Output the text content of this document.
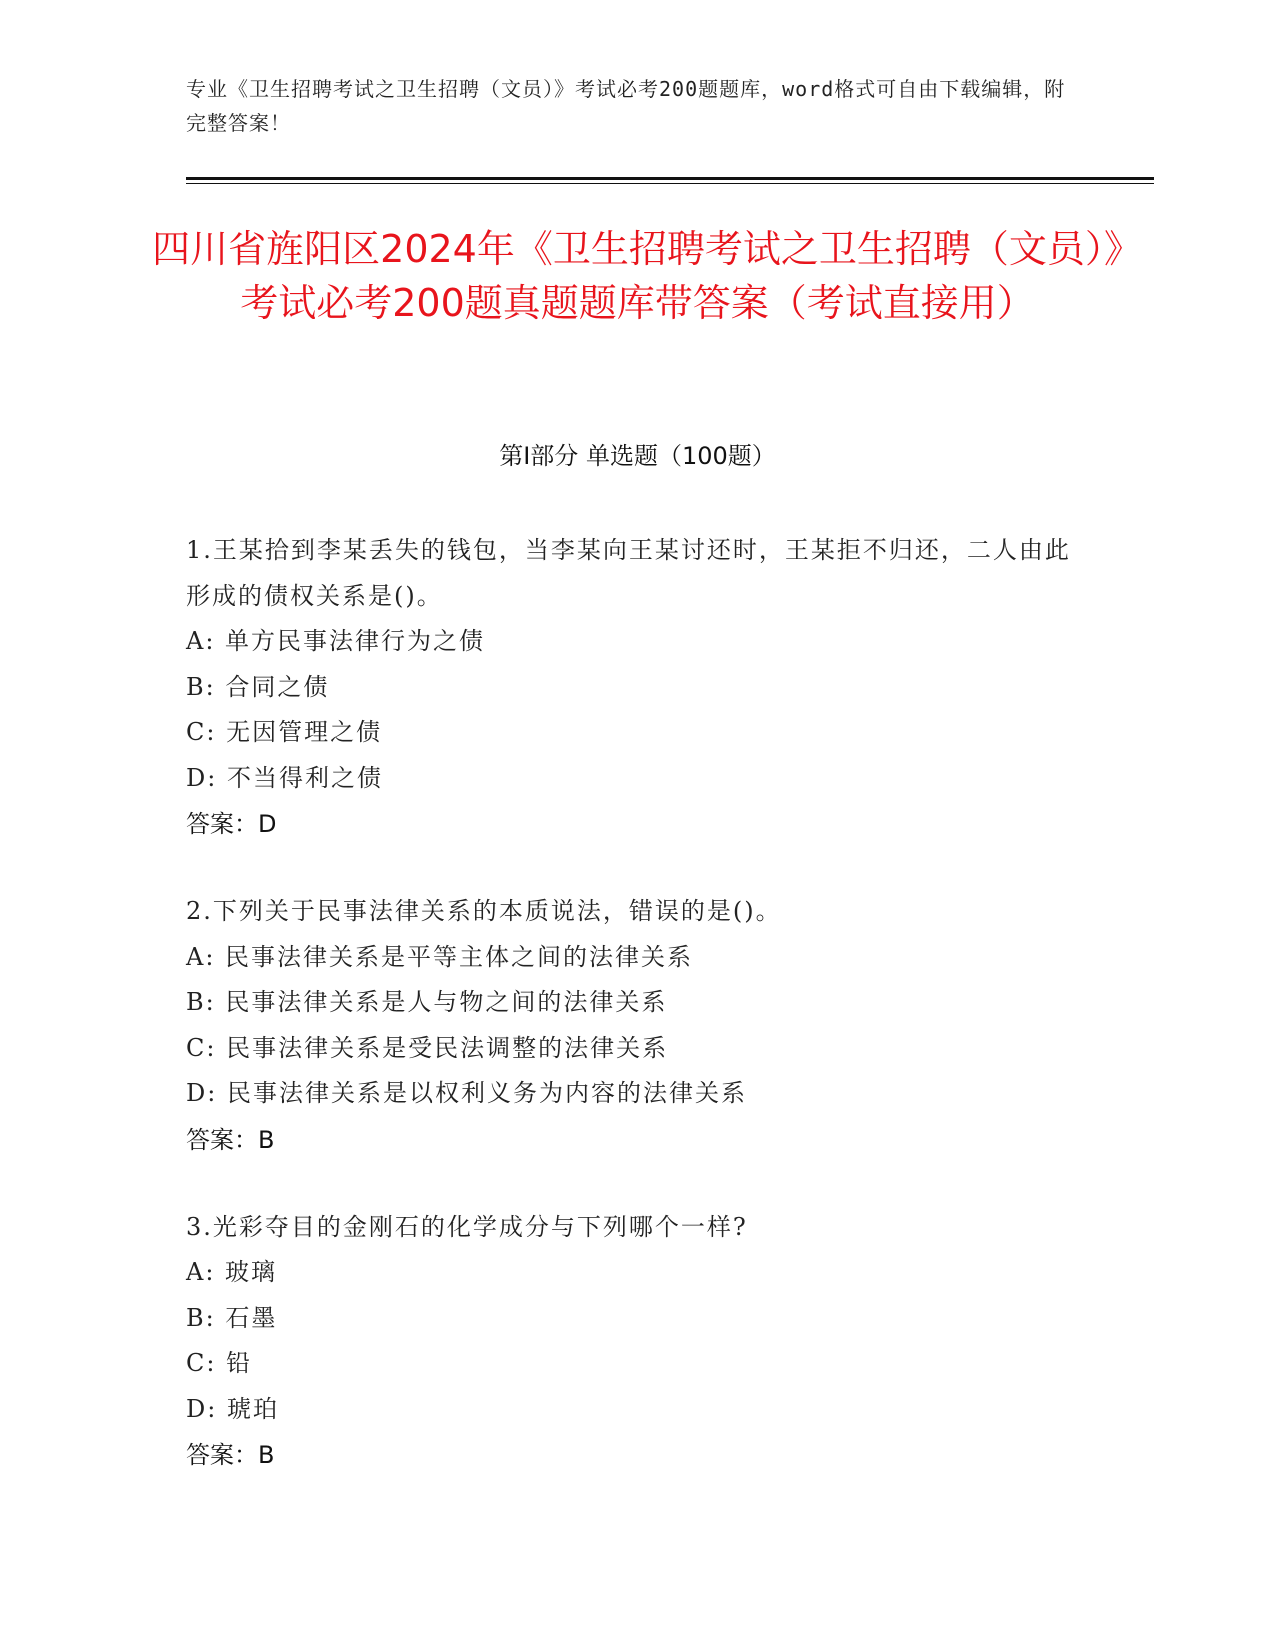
专业《卫生招聘考试之卫生招聘（文员）》考试必考200题题库，word格式可自由下载编辑，附完整答案！
四川省旌阳区2024年《卫生招聘考试之卫生招聘（文员）》考试必考200题真题题库带答案（考试直接用）
第I部分 单选题（100题）
1.王某拾到李某丢失的钱包，当李某向王某讨还时，王某拒不归还，二人由此形成的债权关系是()。
A: 单方民事法律行为之债
B: 合同之债
C: 无因管理之债
D: 不当得利之债
答案：D
2.下列关于民事法律关系的本质说法，错误的是()。
A: 民事法律关系是平等主体之间的法律关系
B: 民事法律关系是人与物之间的法律关系
C: 民事法律关系是受民法调整的法律关系
D: 民事法律关系是以权利义务为内容的法律关系
答案：B
3.光彩夺目的金刚石的化学成分与下列哪个一样?
A: 玻璃
B: 石墨
C: 铅
D: 琥珀
答案：B
